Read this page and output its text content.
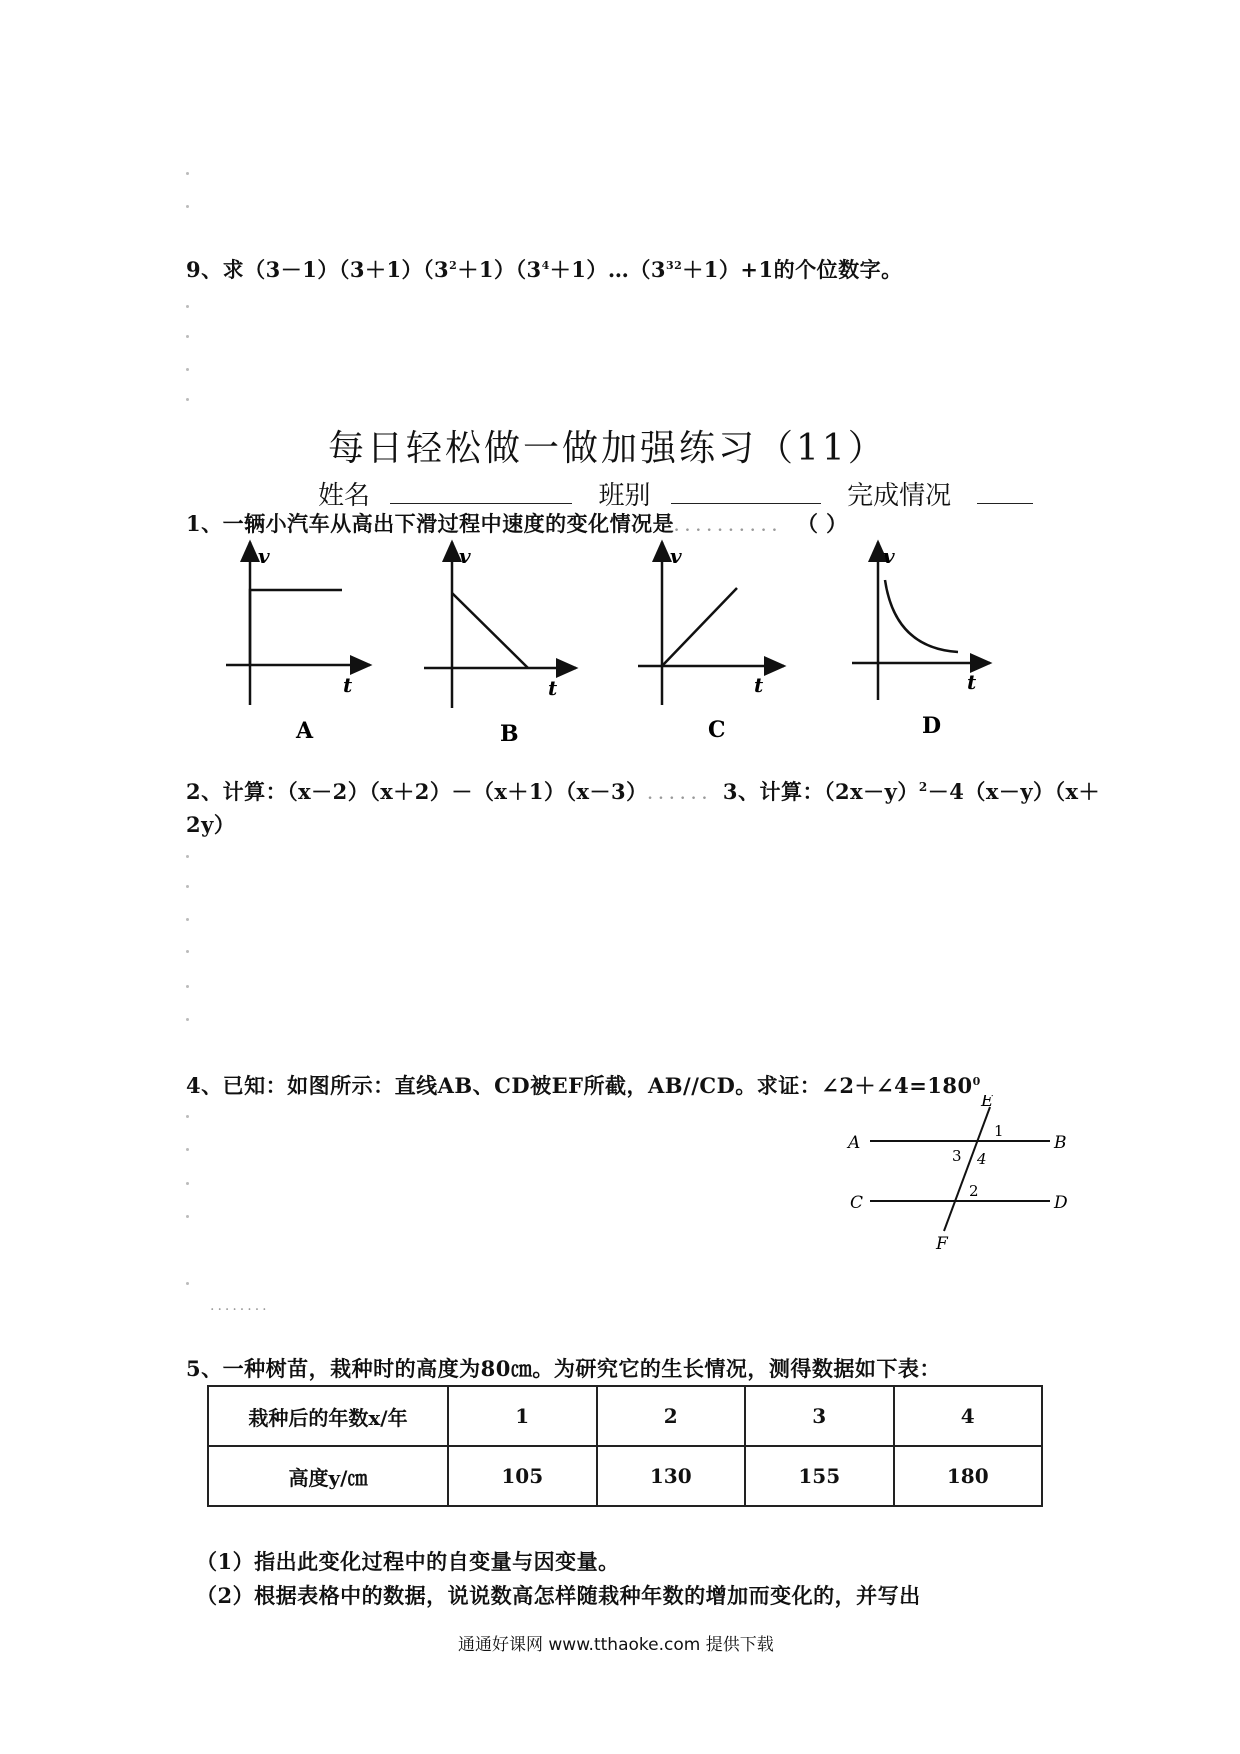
9、求$(3-1)(3+1)(3^2+1)(3^4+1)\dots(3^{32}+1)+1$的个位数字。
每日轻松做一做加强练习（11）
姓名	班别	完成情况
1、一辆小汽车从高出下滑过程中速度的变化情况是.......... （ ）
v
t
A
v
t
B
v
t
C
v
t
D
2、计算：（x－2）（x＋2）－（x＋1）（x－3）...... 3、计算：$(2x-y)^2-4(x-y)(x+$
2y）
4、已知：如图所示：直线AB、CD被EF所截，AB//CD。求证：$\angle 2+\angle 4=180^0$
A	B
C	D
E
F
1
3 4
2
........
5、一种树苗，栽种时的高度为80㎝。为研究它的生长情况，测得数据如下表：
栽种后的年数x/年	1	2	3	4
高度y/㎝	105	130	155	180
（1）指出此变化过程中的自变量与因变量。
（2）根据表格中的数据，说说数高怎样随栽种年数的增加而变化的，并写出
通通好课网 www.tthaoke.com 提供下载
